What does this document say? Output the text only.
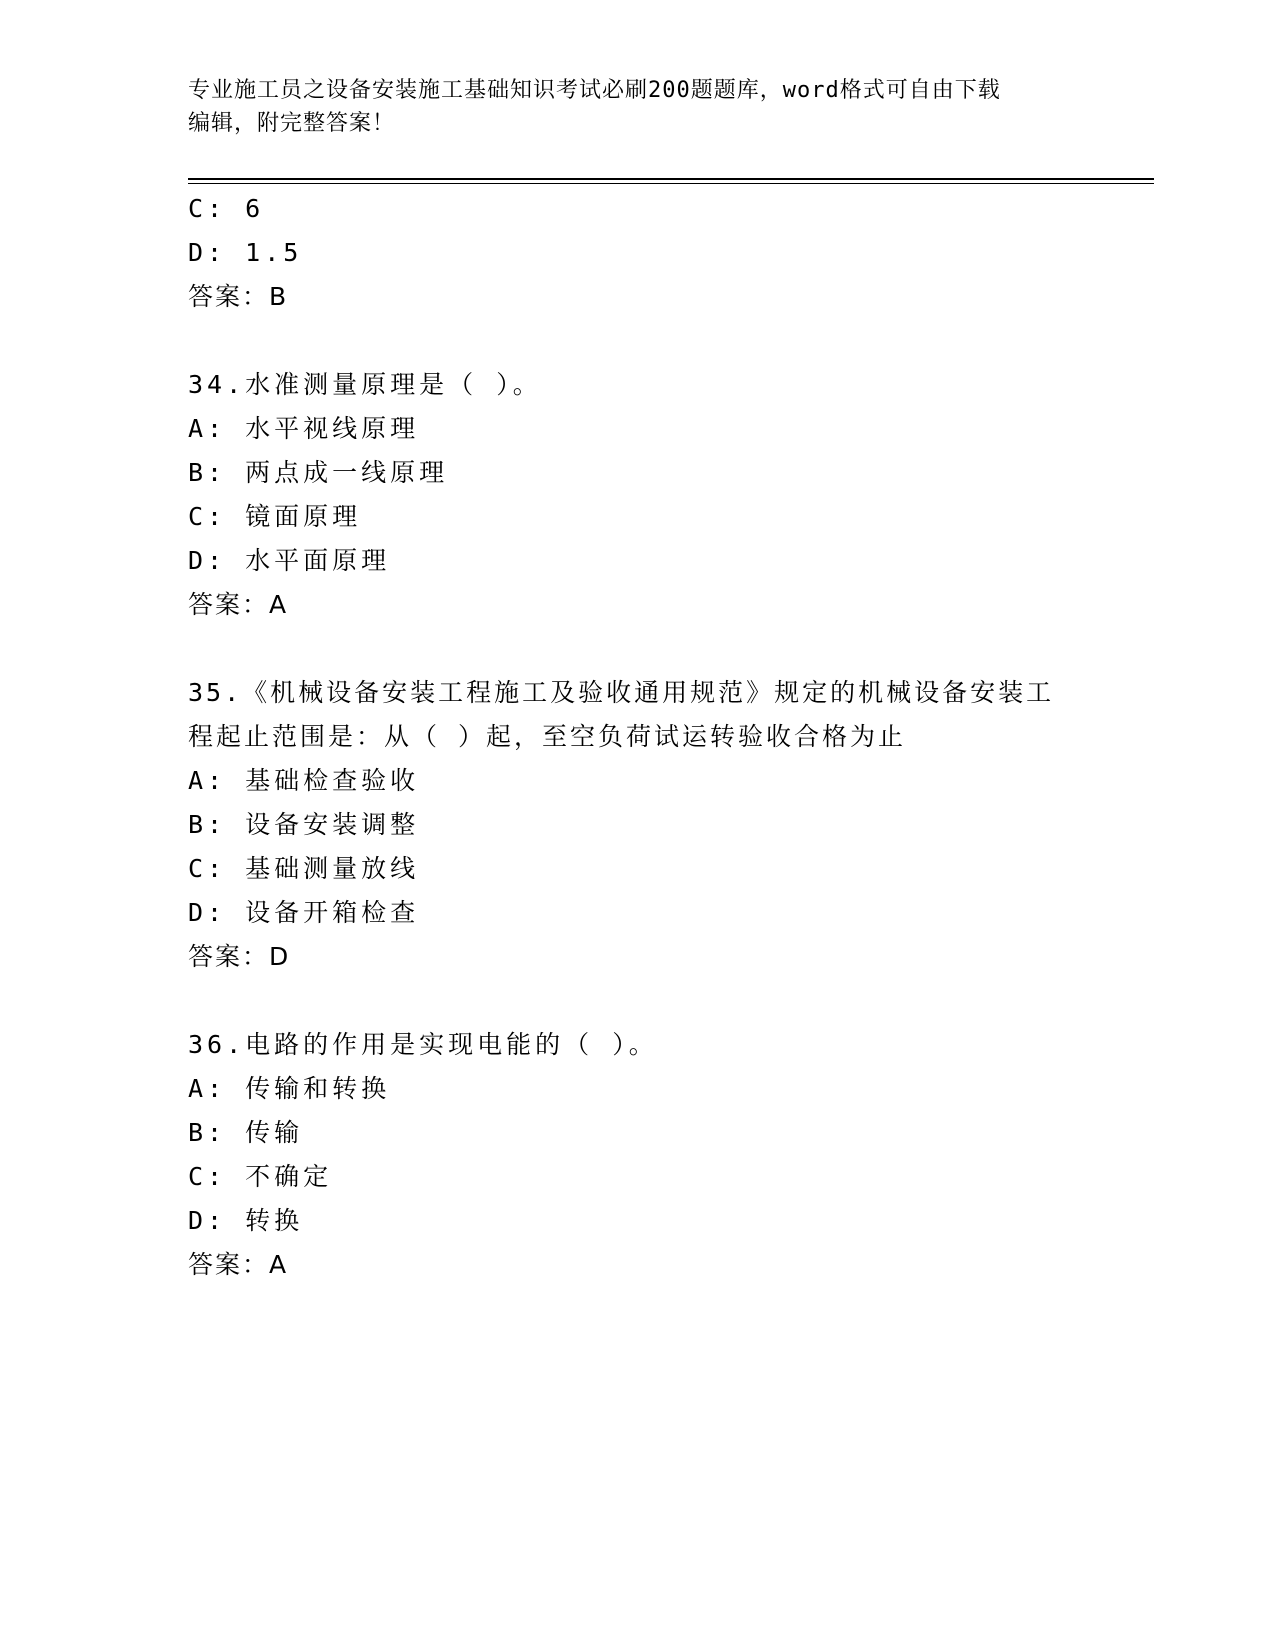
专业施工员之设备安装施工基础知识考试必刷200题题库，word格式可自由下载
编辑，附完整答案！
C: 6
D: 1.5
答案：B
34.水准测量原理是（ ）。
A: 水平视线原理
B: 两点成一线原理
C: 镜面原理
D: 水平面原理
答案：A
35.《机械设备安装工程施工及验收通用规范》规定的机械设备安装工
程起止范围是：从（ ）起，至空负荷试运转验收合格为止
A: 基础检查验收
B: 设备安装调整
C: 基础测量放线
D: 设备开箱检查
答案：D
36.电路的作用是实现电能的（ ）。
A: 传输和转换
B: 传输
C: 不确定
D: 转换
答案：A
